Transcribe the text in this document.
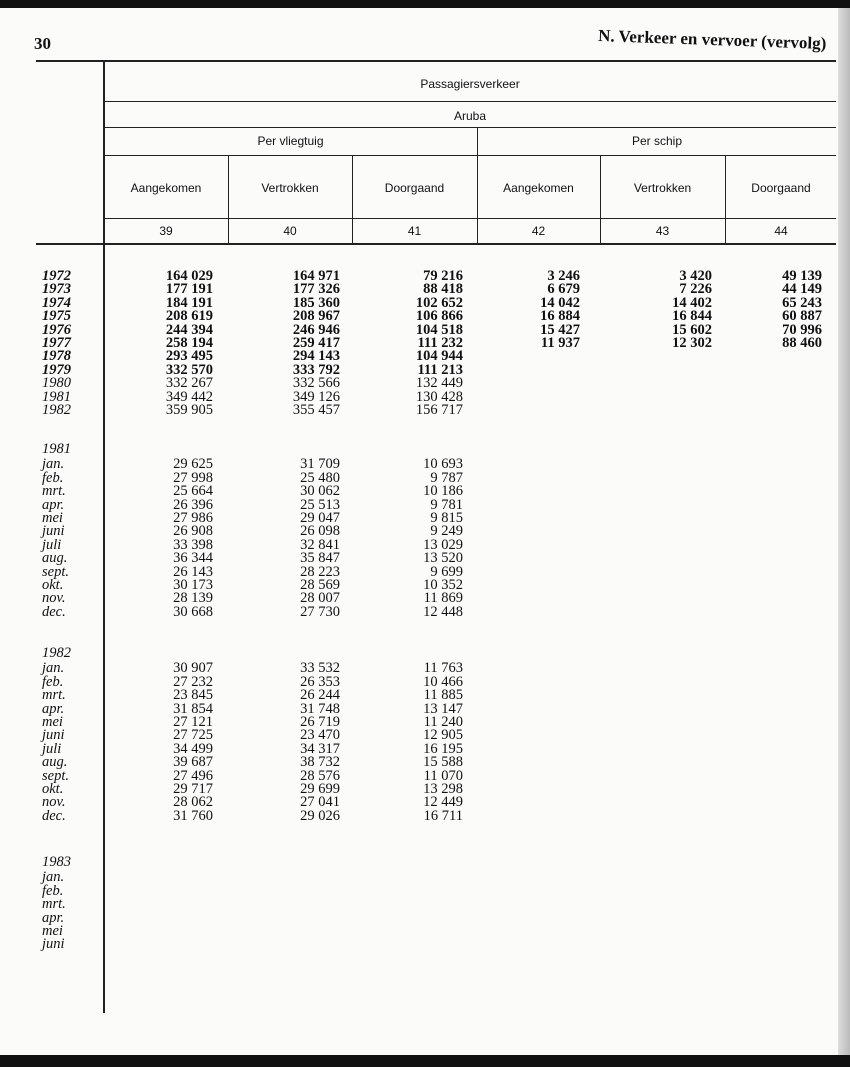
30	N. Verkeer en vervoer (vervolg)
Passagiersverkeer
Aruba
Per vliegtuig	Per schip
Aangekomen
39
Vertrokken
40
Doorgaand
41
Aangekomen
42
Vertrokken
43
Doorgaand
44
1972	164 029	164 971	79 216	3 246	3 420	49 139
1973	177 191	177 326	88 418	6 679	7 226	44 149
1974	184 191	185 360	102 652	14 042	14 402	65 243
1975	208 619	208 967	106 866	16 884	16 844	60 887
1976	244 394	246 946	104 518	15 427	15 602	70 996
1977	258 194	259 417	111 232	11 937	12 302	88 460
1978	293 495	294 143	104 944
1979	332 570	333 792	111 213
1980	332 267	332 566	132 449
1981	349 442	349 126	130 428
1982	359 905	355 457	156 717
1981
jan.	29 625	31 709	10 693
feb.	27 998	25 480	9 787
mrt.	25 664	30 062	10 186
apr.	26 396	25 513	9 781
mei	27 986	29 047	9 815
juni	26 908	26 098	9 249
juli	33 398	32 841	13 029
aug.	36 344	35 847	13 520
sept.	26 143	28 223	9 699
okt.	30 173	28 569	10 352
nov.	28 139	28 007	11 869
dec.	30 668	27 730	12 448
1982
jan.	30 907	33 532	11 763
feb.	27 232	26 353	10 466
mrt.	23 845	26 244	11 885
apr.	31 854	31 748	13 147
mei	27 121	26 719	11 240
juni	27 725	23 470	12 905
juli	34 499	34 317	16 195
aug.	39 687	38 732	15 588
sept.	27 496	28 576	11 070
okt.	29 717	29 699	13 298
nov.	28 062	27 041	12 449
dec.	31 760	29 026	16 711
1983
jan.
feb.
mrt.
apr.
mei
juni
